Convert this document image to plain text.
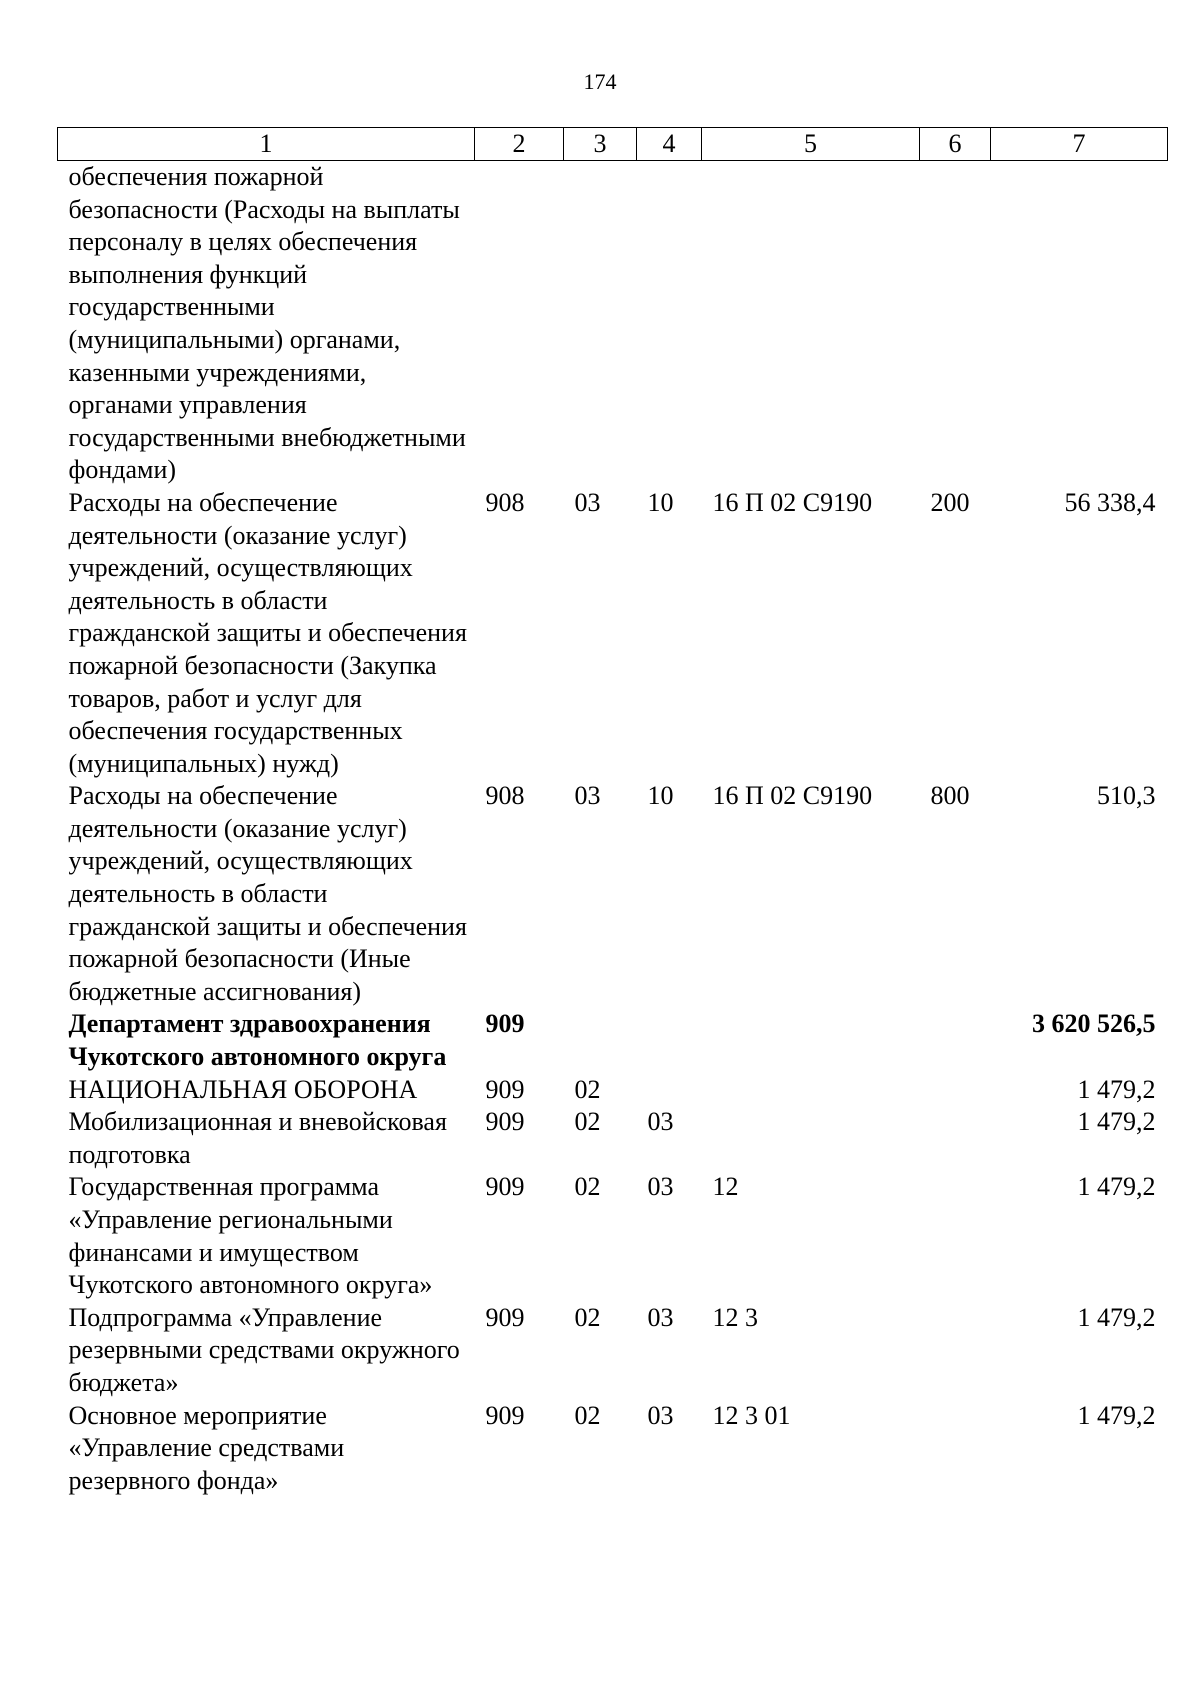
174
1	2	3	4	5	6	7
обеспечения пожарной безопасности (Расходы на выплаты персоналу в целях обеспечения выполнения функций государственными (муниципальными) органами, казенными учреждениями, органами управления государственными внебюджетными фондами)						
Расходы на обеспечение деятельности (оказание услуг) учреждений, осуществляющих деятельность в области гражданской защиты и обеспечения пожарной безопасности (Закупка товаров, работ и услуг для обеспечения государственных (муниципальных) нужд)	908	03	10	16 П 02 С9190	200	56 338,4
Расходы на обеспечение деятельности (оказание услуг) учреждений, осуществляющих деятельность в области гражданской защиты и обеспечения пожарной безопасности (Иные бюджетные ассигнования)	908	03	10	16 П 02 С9190	800	510,3
Департамент здравоохранения Чукотского автономного округа	909					3 620 526,5
НАЦИОНАЛЬНАЯ ОБОРОНА	909	02				1 479,2
Мобилизационная и вневойсковая подготовка	909	02	03			1 479,2
Государственная программа «Управление региональными финансами и имуществом Чукотского автономного округа»	909	02	03	12		1 479,2
Подпрограмма «Управление резервными средствами окружного бюджета»	909	02	03	12 3		1 479,2
Основное мероприятие «Управление средствами резервного фонда»	909	02	03	12 3 01		1 479,2
